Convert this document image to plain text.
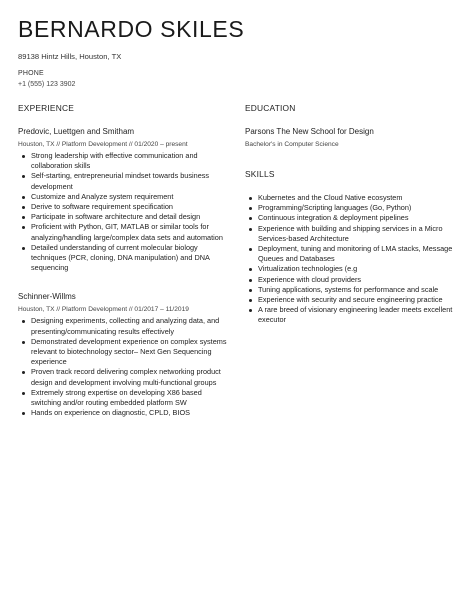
BERNARDO SKILES
89138 Hintz Hills, Houston, TX
PHONE
+1 (555) 123 3902
EXPERIENCE
Predovic, Luettgen and Smitham
Houston, TX // Platform Development // 01/2020 – present
Strong leadership with effective communication and collaboration skills
Self-starting, entrepreneurial mindset towards business development
Customize and Analyze system requirement
Derive to software requirement specification
Participate in software architecture and detail design
Proficient with Python, GIT, MATLAB or similar tools for analyzing/handling large/complex data sets and automation
Detailed understanding of current molecular biology techniques (PCR, cloning, DNA manipulation) and DNA sequencing
Schinner-Willms
Houston, TX // Platform Development // 01/2017 – 11/2019
Designing experiments, collecting and analyzing data, and presenting/communicating results effectively
Demonstrated development experience on complex systems relevant to biotechnology sector– Next Gen Sequencing experience
Proven track record delivering complex networking product design and development involving multi-functional groups
Extremely strong expertise on developing X86 based switching and/or routing embedded platform SW
Hands on experience on diagnostic, CPLD, BIOS
EDUCATION
Parsons The New School for Design
Bachelor's in Computer Science
SKILLS
Kubernetes and the Cloud Native ecosystem
Programming/Scripting languages (Go, Python)
Continuous integration & deployment pipelines
Experience with building and shipping services in a Micro Services-based Architecture
Deployment, tuning and monitoring of LMA stacks, Message Queues and Databases
Virtualization technologies (e.g
Experience with cloud providers
Tuning applications, systems for performance and scale
Experience with security and secure engineering practice
A rare breed of visionary engineering leader meets excellent executor
